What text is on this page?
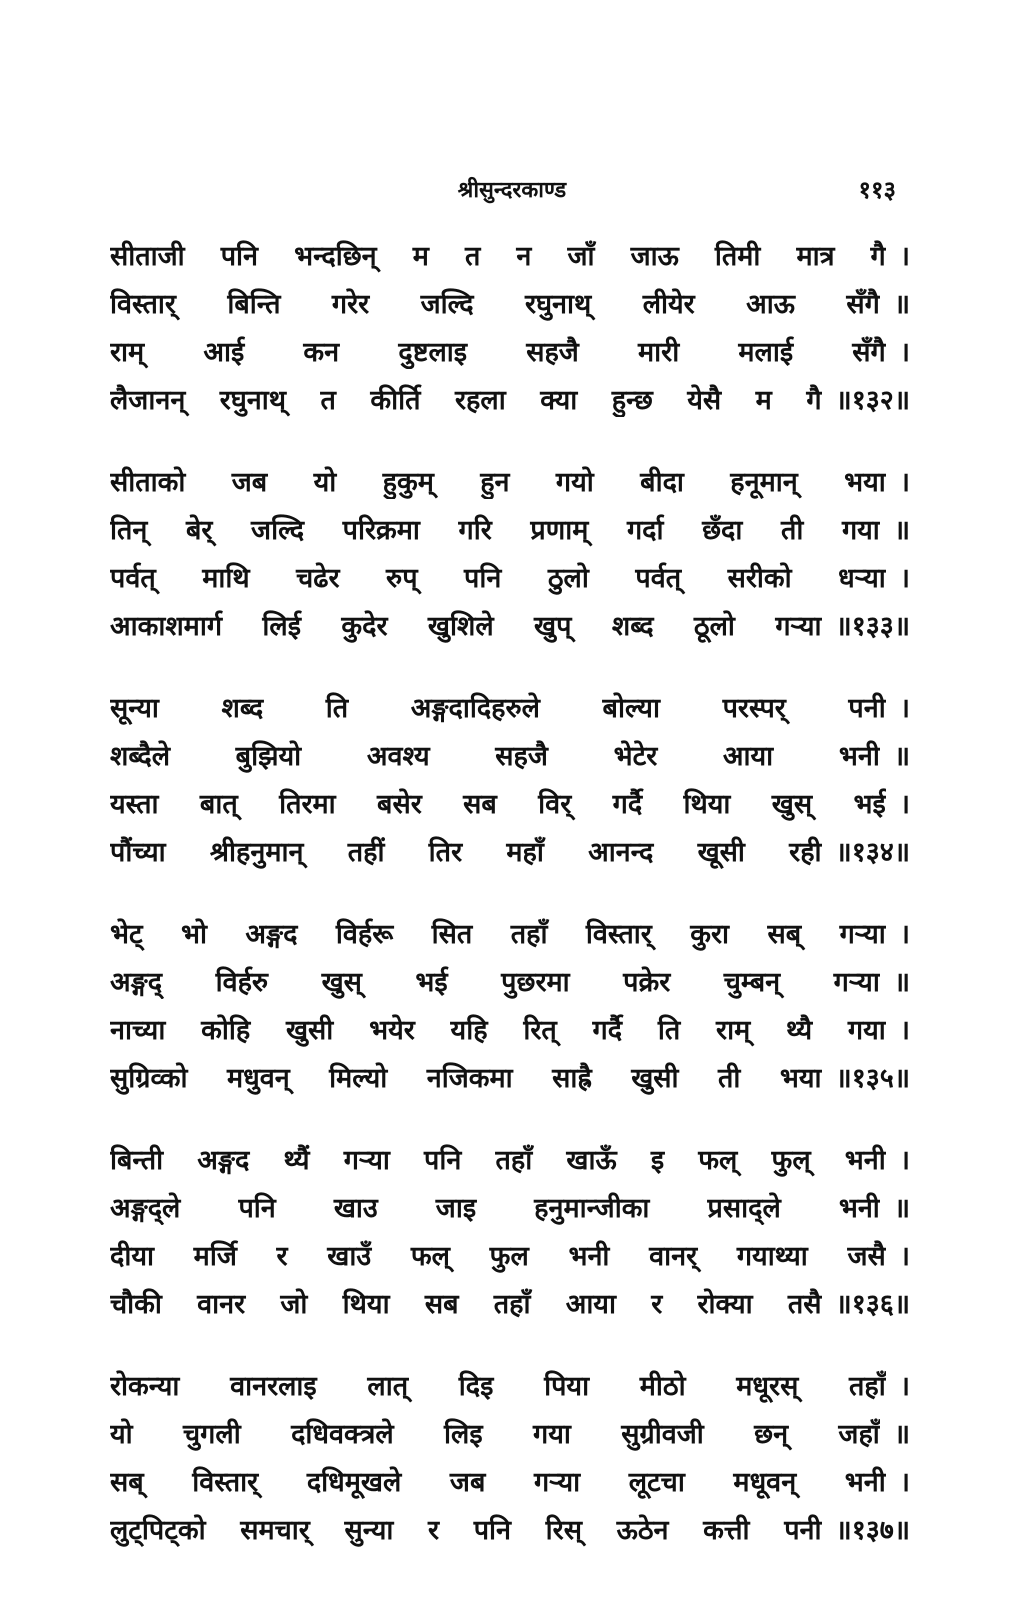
श्रीसुन्दरकाण्ड	११३
सीताजी पनि भन्दछिन् म त न जाँ जाऊ तिमी मात्र गै ।
विस्तार् बिन्ति गरेर जल्दि रघुनाथ् लीयेर आऊ सँगै ॥
राम् आई कन दुष्टलाइ सहजै मारी मलाई सँगै ।
लैजानन् रघुनाथ् त कीर्ति रहला क्या हुन्छ येसै म गै ॥१३२॥
सीताको जब यो हुकुम् हुन गयो बीदा हनूमान् भया ।
तिन् बेर् जल्दि परिक्रमा गरि प्रणाम् गर्दा छँदा ती गया ॥
पर्वत् माथि चढेर रुप् पनि ठुलो पर्वत् सरीको धऱ्या ।
आकाशमार्ग लिई कुदेर खुशिले खुप् शब्द ठूलो गऱ्या ॥१३३॥
सून्या शब्द ति अङ्गदादिहरुले बोल्या परस्पर् पनी ।
शब्दैले बुझियो अवश्य सहजै भेटेर आया भनी ॥
यस्ता बात् तिरमा बसेर सब विर् गर्दै थिया खुस् भई ।
पौंच्या श्रीहनुमान् तहीं तिर महाँ आनन्द खूसी रही ॥१३४॥
भेट् भो अङ्गद विर्हरू सित तहाँ विस्तार् कुरा सब् गऱ्या ।
अङ्गद् विर्हरु खुस् भई पुछरमा पक्रेर चुम्बन् गऱ्या ॥
नाच्या कोहि खुसी भयेर यहि रित् गर्दै ति राम् थ्यै गया ।
सुग्रिव्को मधुवन् मिल्यो नजिकमा साह्रै खुसी ती भया ॥१३५॥
बिन्ती अङ्गद थ्यैं गऱ्या पनि तहाँ खाऊँ इ फल् फुल् भनी ।
अङ्गद्ले पनि खाउ जाइ हनुमान्जीका प्रसाद्ले भनी ॥
दीया मर्जि र खाउँ फल् फुल भनी वानर् गयाथ्या जसै ।
चौकी वानर जो थिया सब तहाँ आया र रोक्या तसै ॥१३६॥
रोकन्या वानरलाइ लात् दिइ पिया मीठो मधूरस् तहाँ ।
यो चुगली दधिवक्त्रले लिइ गया सुग्रीवजी छन् जहाँ ॥
सब् विस्तार् दधिमूखले जब गऱ्या लूटचा मधूवन् भनी ।
लुट्पिट्को समचार् सुन्या र पनि रिस् ऊठेन कत्ती पनी ॥१३७॥
